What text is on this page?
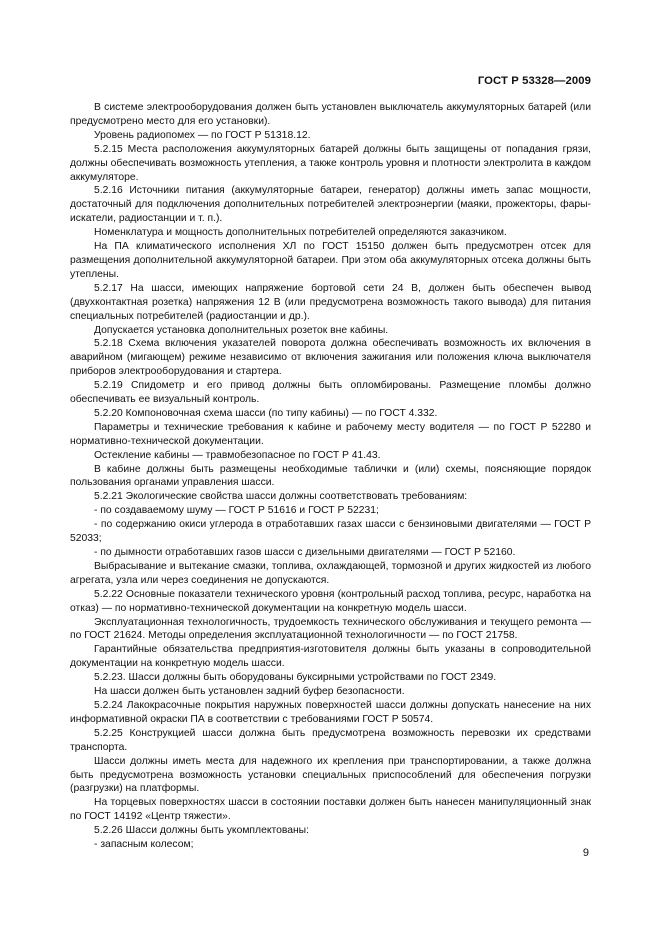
ГОСТ Р 53328—2009

В системе электрооборудования должен быть установлен выключатель аккумуляторных батарей (или предусмотрено место для его установки).

Уровень радиопомех — по ГОСТ Р 51318.12.

5.2.15 Места расположения аккумуляторных батарей должны быть защищены от попадания грязи, должны обеспечивать возможность утепления, а также контроль уровня и плотности электролита в каждом аккумуляторе.

5.2.16 Источники питания (аккумуляторные батареи, генератор) должны иметь запас мощности, достаточный для подключения дополнительных потребителей электроэнергии (маяки, прожекторы, фары-искатели, радиостанции и т. п.).

Номенклатура и мощность дополнительных потребителей определяются заказчиком.

На ПА климатического исполнения ХЛ по ГОСТ 15150 должен быть предусмотрен отсек для размещения дополнительной аккумуляторной батареи. При этом оба аккумуляторных отсека должны быть утеплены.

5.2.17 На шасси, имеющих напряжение бортовой сети 24 В, должен быть обеспечен вывод (двухконтактная розетка) напряжения 12 В (или предусмотрена возможность такого вывода) для питания специальных потребителей (радиостанции и др.).

Допускается установка дополнительных розеток вне кабины.

5.2.18 Схема включения указателей поворота должна обеспечивать возможность их включения в аварийном (мигающем) режиме независимо от включения зажигания или положения ключа выключателя приборов электрооборудования и стартера.

5.2.19 Спидометр и его привод должны быть опломбированы. Размещение пломбы должно обеспечивать ее визуальный контроль.

5.2.20 Компоновочная схема шасси (по типу кабины) — по ГОСТ 4.332.

Параметры и технические требования к кабине и рабочему месту водителя — по ГОСТ Р 52280 и нормативно-технической документации.

Остекление кабины — травмобезопасное по ГОСТ Р 41.43.

В кабине должны быть размещены необходимые таблички и (или) схемы, поясняющие порядок пользования органами управления шасси.

5.2.21 Экологические свойства шасси должны соответствовать требованиям:

- по создаваемому шуму — ГОСТ Р 51616 и ГОСТ Р 52231;

- по содержанию окиси углерода в отработавших газах шасси с бензиновыми двигателями — ГОСТ Р 52033;

- по дымности отработавших газов шасси с дизельными двигателями — ГОСТ Р 52160.

Выбрасывание и вытекание смазки, топлива, охлаждающей, тормозной и других жидкостей из любого агрегата, узла или через соединения не допускаются.

5.2.22 Основные показатели технического уровня (контрольный расход топлива, ресурс, наработка на отказ) — по нормативно-технической документации на конкретную модель шасси.

Эксплуатационная технологичность, трудоемкость технического обслуживания и текущего ремонта — по ГОСТ 21624. Методы определения эксплуатационной технологичности — по ГОСТ 21758.

Гарантийные обязательства предприятия-изготовителя должны быть указаны в сопроводительной документации на конкретную модель шасси.

5.2.23. Шасси должны быть оборудованы буксирными устройствами по ГОСТ 2349.

На шасси должен быть установлен задний буфер безопасности.

5.2.24 Лакокрасочные покрытия наружных поверхностей шасси должны допускать нанесение на них информативной окраски ПА в соответствии с требованиями ГОСТ Р 50574.

5.2.25 Конструкцией шасси должна быть предусмотрена возможность перевозки их средствами транспорта.

Шасси должны иметь места для надежного их крепления при транспортировании, а также должна быть предусмотрена возможность установки специальных приспособлений для обеспечения погрузки (разгрузки) на платформы.

На торцевых поверхностях шасси в состоянии поставки должен быть нанесен манипуляционный знак по ГОСТ 14192 «Центр тяжести».

5.2.26 Шасси должны быть укомплектованы:

- запасным колесом;

9
